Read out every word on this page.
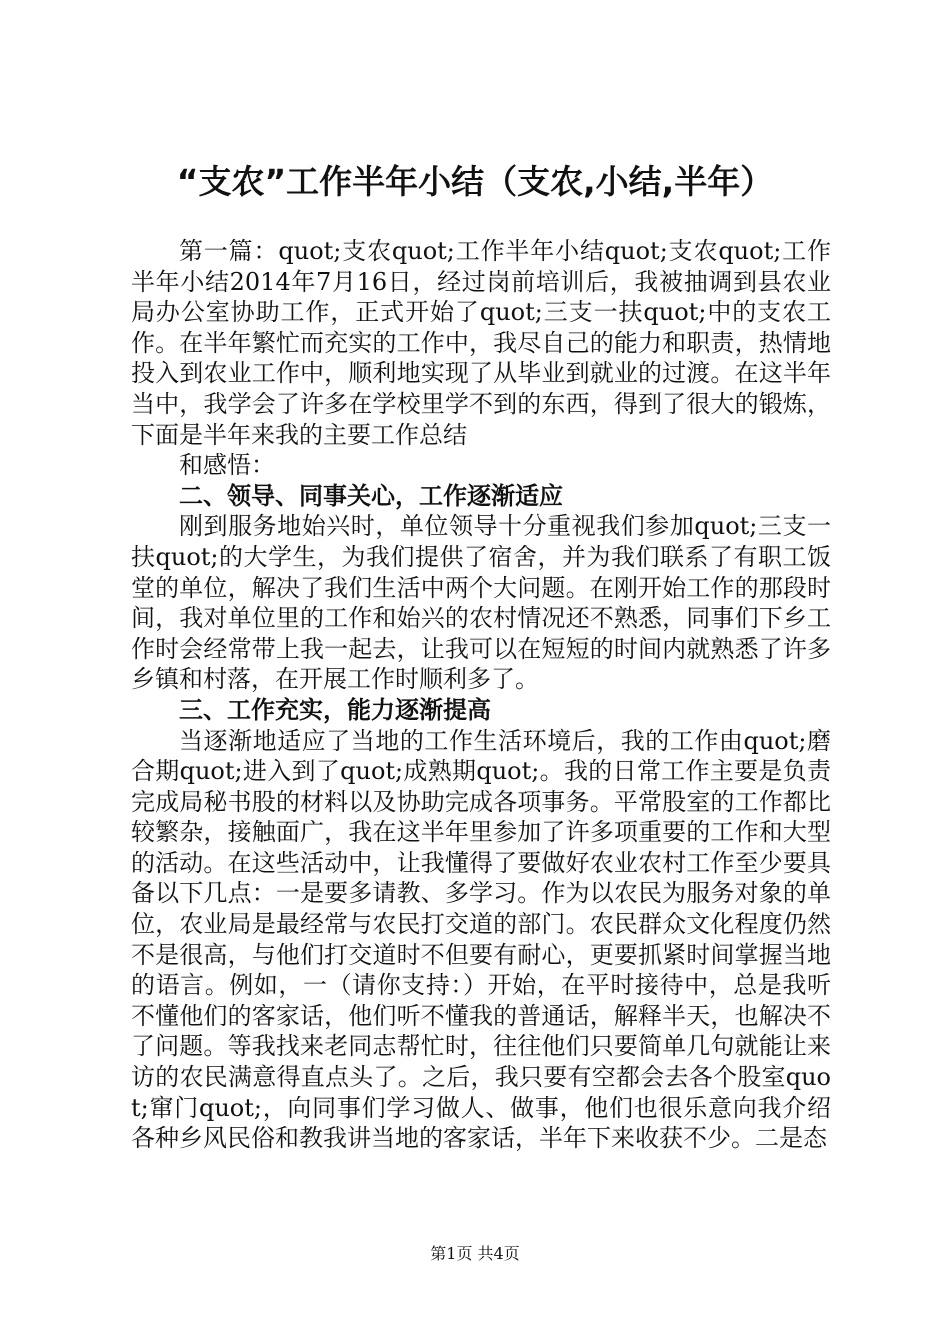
“支农”工作半年小结（支农,小结,半年）

第一篇：quot;支农quot;工作半年小结quot;支农quot;工作半年小结2014年7月16日，经过岗前培训后，我被抽调到县农业局办公室协助工作，正式开始了quot;三支一扶quot;中的支农工作。在半年繁忙而充实的工作中，我尽自己的能力和职责，热情地投入到农业工作中，顺利地实现了从毕业到就业的过渡。在这半年当中，我学会了许多在学校里学不到的东西，得到了很大的锻炼，下面是半年来我的主要工作总结

和感悟：

二、领导、同事关心，工作逐渐适应

刚到服务地始兴时，单位领导十分重视我们参加quot;三支一扶quot;的大学生，为我们提供了宿舍，并为我们联系了有职工饭堂的单位，解决了我们生活中两个大问题。在刚开始工作的那段时间，我对单位里的工作和始兴的农村情况还不熟悉，同事们下乡工作时会经常带上我一起去，让我可以在短短的时间内就熟悉了许多乡镇和村落，在开展工作时顺利多了。

三、工作充实，能力逐渐提高

当逐渐地适应了当地的工作生活环境后，我的工作由quot;磨合期quot;进入到了quot;成熟期quot;。我的日常工作主要是负责完成局秘书股的材料以及协助完成各项事务。平常股室的工作都比较繁杂，接触面广，我在这半年里参加了许多项重要的工作和大型的活动。在这些活动中，让我懂得了要做好农业农村工作至少要具备以下几点：一是要多请教、多学习。作为以农民为服务对象的单位，农业局是最经常与农民打交道的部门。农民群众文化程度仍然不是很高，与他们打交道时不但要有耐心，更要抓紧时间掌握当地的语言。例如，一（请你支持：）开始，在平时接待中，总是我听不懂他们的客家话，他们听不懂我的普通话，解释半天，也解决不了问题。等我找来老同志帮忙时，往往他们只要简单几句就能让来访的农民满意得直点头了。之后，我只要有空都会去各个股室quot;窜门quot;，向同事们学习做人、做事，他们也很乐意向我介绍各种乡风民俗和教我讲当地的客家话，半年下来收获不少。二是态

第1页 共4页
